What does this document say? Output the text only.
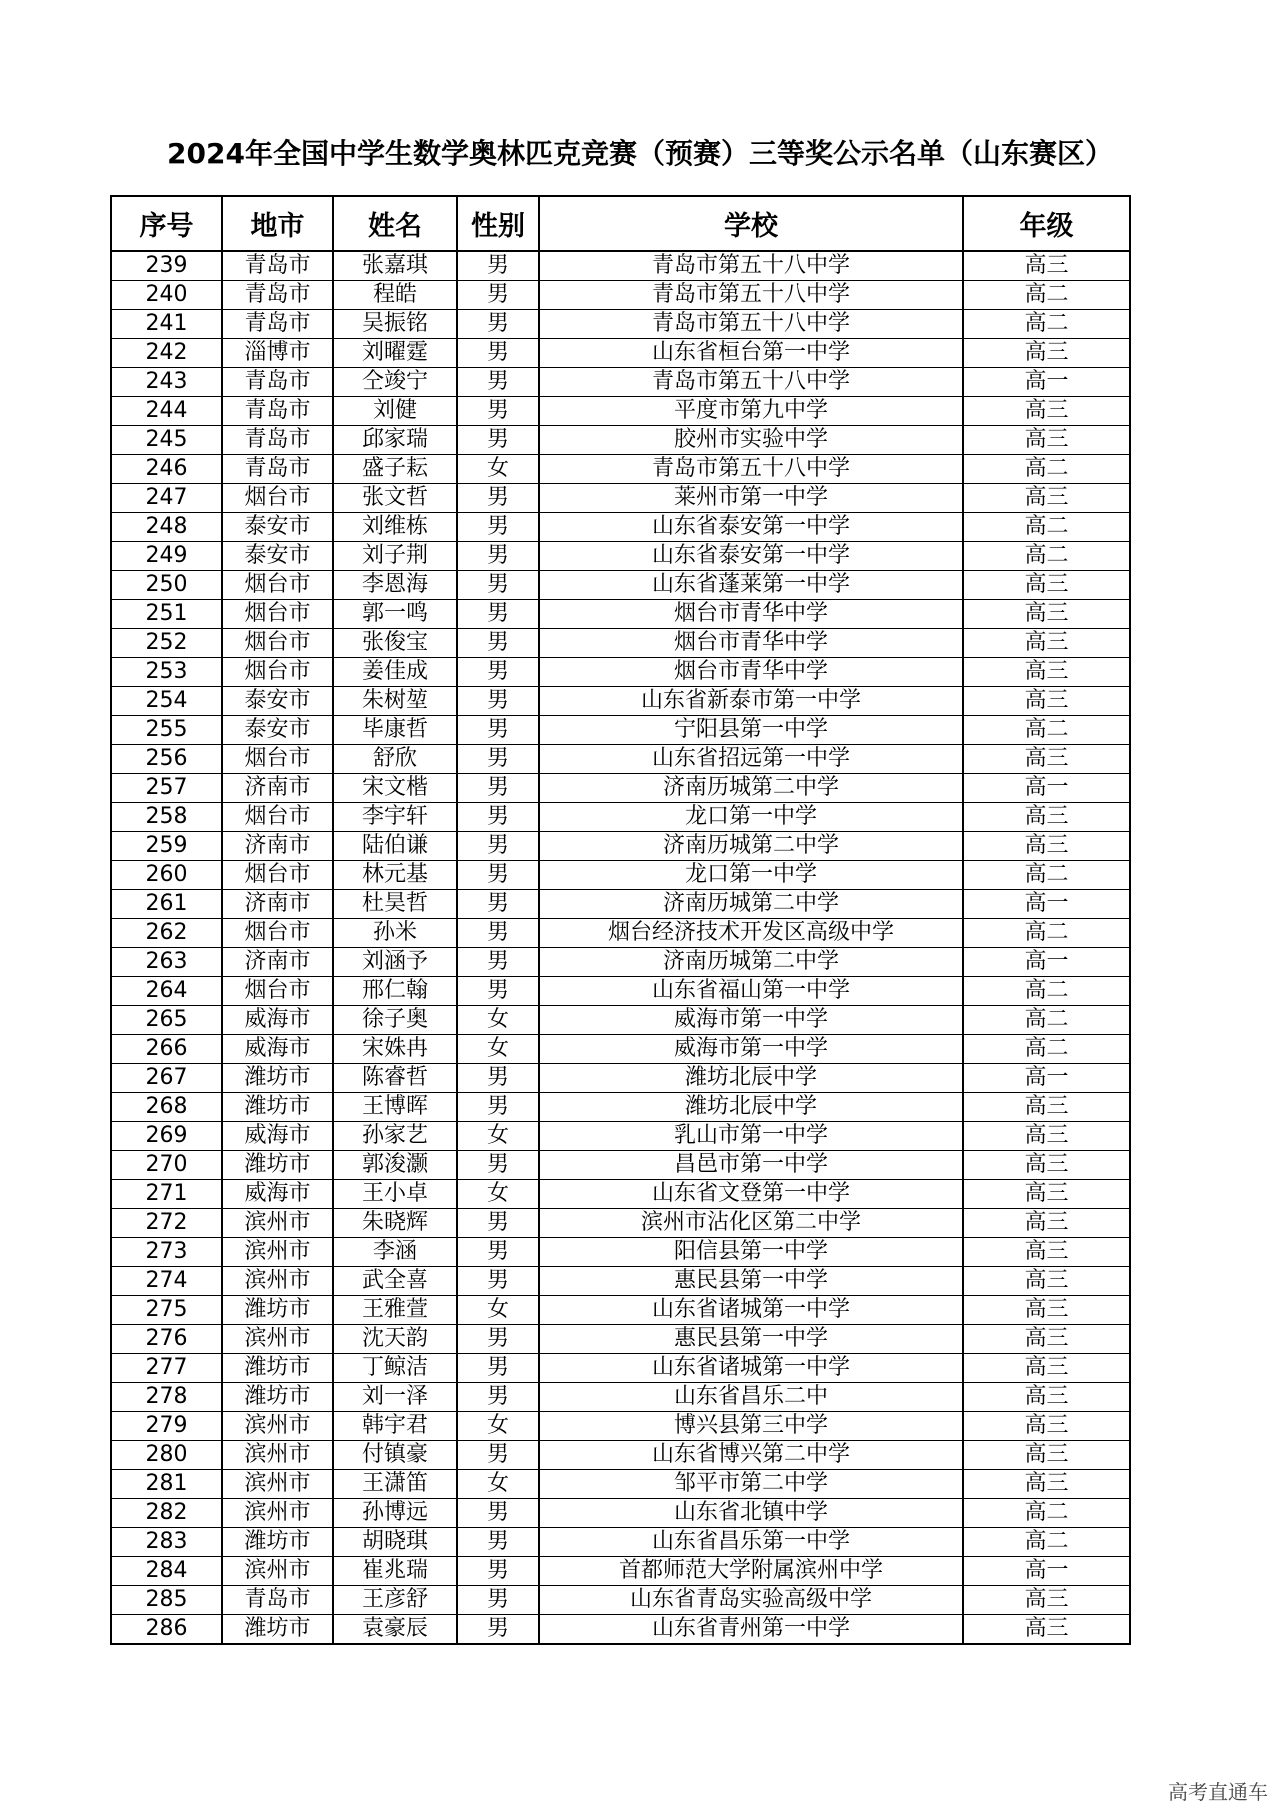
2024年全国中学生数学奥林匹克竞赛（预赛）三等奖公示名单（山东赛区）
序号	地市	姓名	性别	学校	年级
239	青岛市	张嘉琪	男	青岛市第五十八中学	高三
240	青岛市	程皓	男	青岛市第五十八中学	高二
241	青岛市	吴振铭	男	青岛市第五十八中学	高二
242	淄博市	刘曜霆	男	山东省桓台第一中学	高三
243	青岛市	仝竣宁	男	青岛市第五十八中学	高一
244	青岛市	刘健	男	平度市第九中学	高三
245	青岛市	邱家瑞	男	胶州市实验中学	高三
246	青岛市	盛子耘	女	青岛市第五十八中学	高二
247	烟台市	张文哲	男	莱州市第一中学	高三
248	泰安市	刘维栋	男	山东省泰安第一中学	高二
249	泰安市	刘子荆	男	山东省泰安第一中学	高二
250	烟台市	李恩海	男	山东省蓬莱第一中学	高三
251	烟台市	郭一鸣	男	烟台市青华中学	高三
252	烟台市	张俊宝	男	烟台市青华中学	高三
253	烟台市	姜佳成	男	烟台市青华中学	高三
254	泰安市	朱树堃	男	山东省新泰市第一中学	高三
255	泰安市	毕康哲	男	宁阳县第一中学	高二
256	烟台市	舒欣	男	山东省招远第一中学	高三
257	济南市	宋文楷	男	济南历城第二中学	高一
258	烟台市	李宇轩	男	龙口第一中学	高三
259	济南市	陆伯谦	男	济南历城第二中学	高三
260	烟台市	林元基	男	龙口第一中学	高二
261	济南市	杜昊哲	男	济南历城第二中学	高一
262	烟台市	孙米	男	烟台经济技术开发区高级中学	高二
263	济南市	刘涵予	男	济南历城第二中学	高一
264	烟台市	邢仁翰	男	山东省福山第一中学	高二
265	威海市	徐子奥	女	威海市第一中学	高二
266	威海市	宋姝冉	女	威海市第一中学	高二
267	潍坊市	陈睿哲	男	潍坊北辰中学	高一
268	潍坊市	王博晖	男	潍坊北辰中学	高三
269	威海市	孙家艺	女	乳山市第一中学	高三
270	潍坊市	郭浚灏	男	昌邑市第一中学	高三
271	威海市	王小卓	女	山东省文登第一中学	高三
272	滨州市	朱晓辉	男	滨州市沾化区第二中学	高三
273	滨州市	李涵	男	阳信县第一中学	高三
274	滨州市	武全喜	男	惠民县第一中学	高三
275	潍坊市	王雅萱	女	山东省诸城第一中学	高三
276	滨州市	沈天韵	男	惠民县第一中学	高三
277	潍坊市	丁鲸洁	男	山东省诸城第一中学	高三
278	潍坊市	刘一泽	男	山东省昌乐二中	高三
279	滨州市	韩宇君	女	博兴县第三中学	高三
280	滨州市	付镇豪	男	山东省博兴第二中学	高三
281	滨州市	王潇笛	女	邹平市第二中学	高三
282	滨州市	孙博远	男	山东省北镇中学	高二
283	潍坊市	胡晓琪	男	山东省昌乐第一中学	高二
284	滨州市	崔兆瑞	男	首都师范大学附属滨州中学	高一
285	青岛市	王彦舒	男	山东省青岛实验高级中学	高三
286	潍坊市	袁豪辰	男	山东省青州第一中学	高三
高考直通车
